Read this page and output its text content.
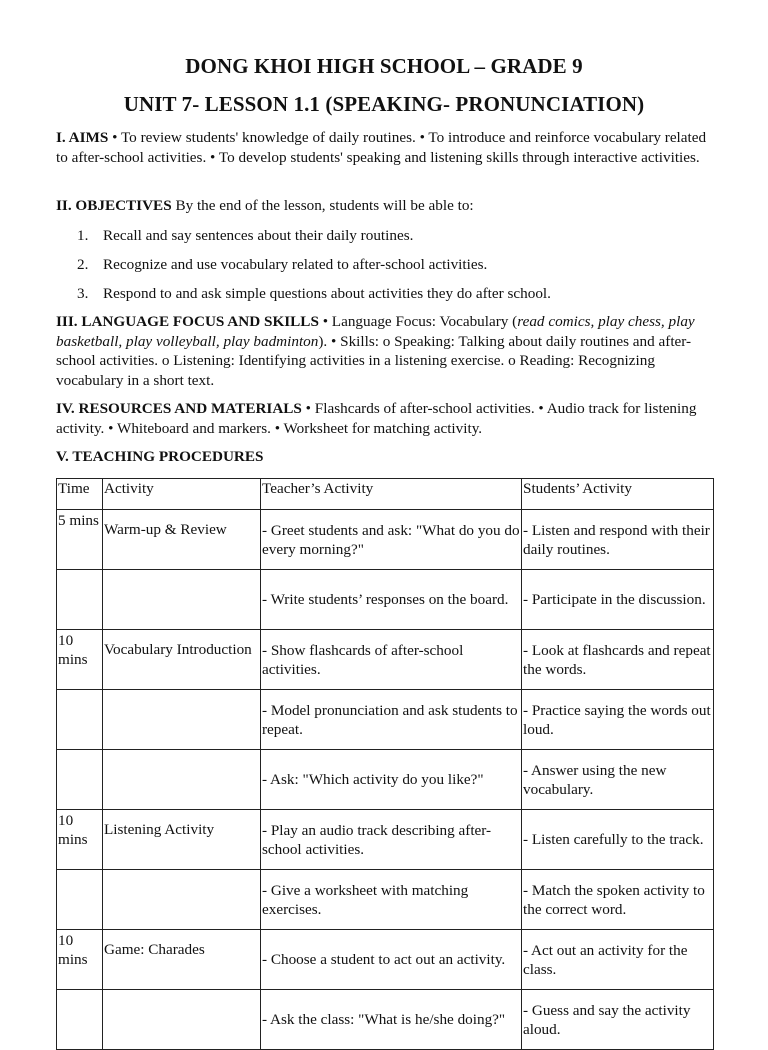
DONG KHOI HIGH SCHOOL – GRADE 9
UNIT 7- LESSON 1.1 (SPEAKING- PRONUNCIATION)
I. AIMS • To review students' knowledge of daily routines. • To introduce and reinforce vocabulary related to after-school activities. • To develop students' speaking and listening skills through interactive activities.
II. OBJECTIVES By the end of the lesson, students will be able to:
1. Recall and say sentences about their daily routines.
2. Recognize and use vocabulary related to after-school activities.
3. Respond to and ask simple questions about activities they do after school.
III. LANGUAGE FOCUS AND SKILLS • Language Focus: Vocabulary (read comics, play chess, play basketball, play volleyball, play badminton). • Skills: o Speaking: Talking about daily routines and after-school activities. o Listening: Identifying activities in a listening exercise. o Reading: Recognizing vocabulary in a short text.
IV. RESOURCES AND MATERIALS • Flashcards of after-school activities. • Audio track for listening activity. • Whiteboard and markers. • Worksheet for matching activity.
V. TEACHING PROCEDURES
Time	Activity	Teacher’s Activity	Students’ Activity
5 mins	Warm-up & Review	- Greet students and ask: "What do you do every morning?"	- Listen and respond with their daily routines.
		- Write students’ responses on the board.	- Participate in the discussion.
10 mins	Vocabulary Introduction	- Show flashcards of after-school activities.	- Look at flashcards and repeat the words.
		- Model pronunciation and ask students to repeat.	- Practice saying the words out loud.
		- Ask: "Which activity do you like?"	- Answer using the new vocabulary.
10 mins	Listening Activity	- Play an audio track describing after-school activities.	- Listen carefully to the track.
		- Give a worksheet with matching exercises.	- Match the spoken activity to the correct word.
10 mins	Game: Charades	- Choose a student to act out an activity.	- Act out an activity for the class.
		- Ask the class: "What is he/she doing?"	- Guess and say the activity aloud.
